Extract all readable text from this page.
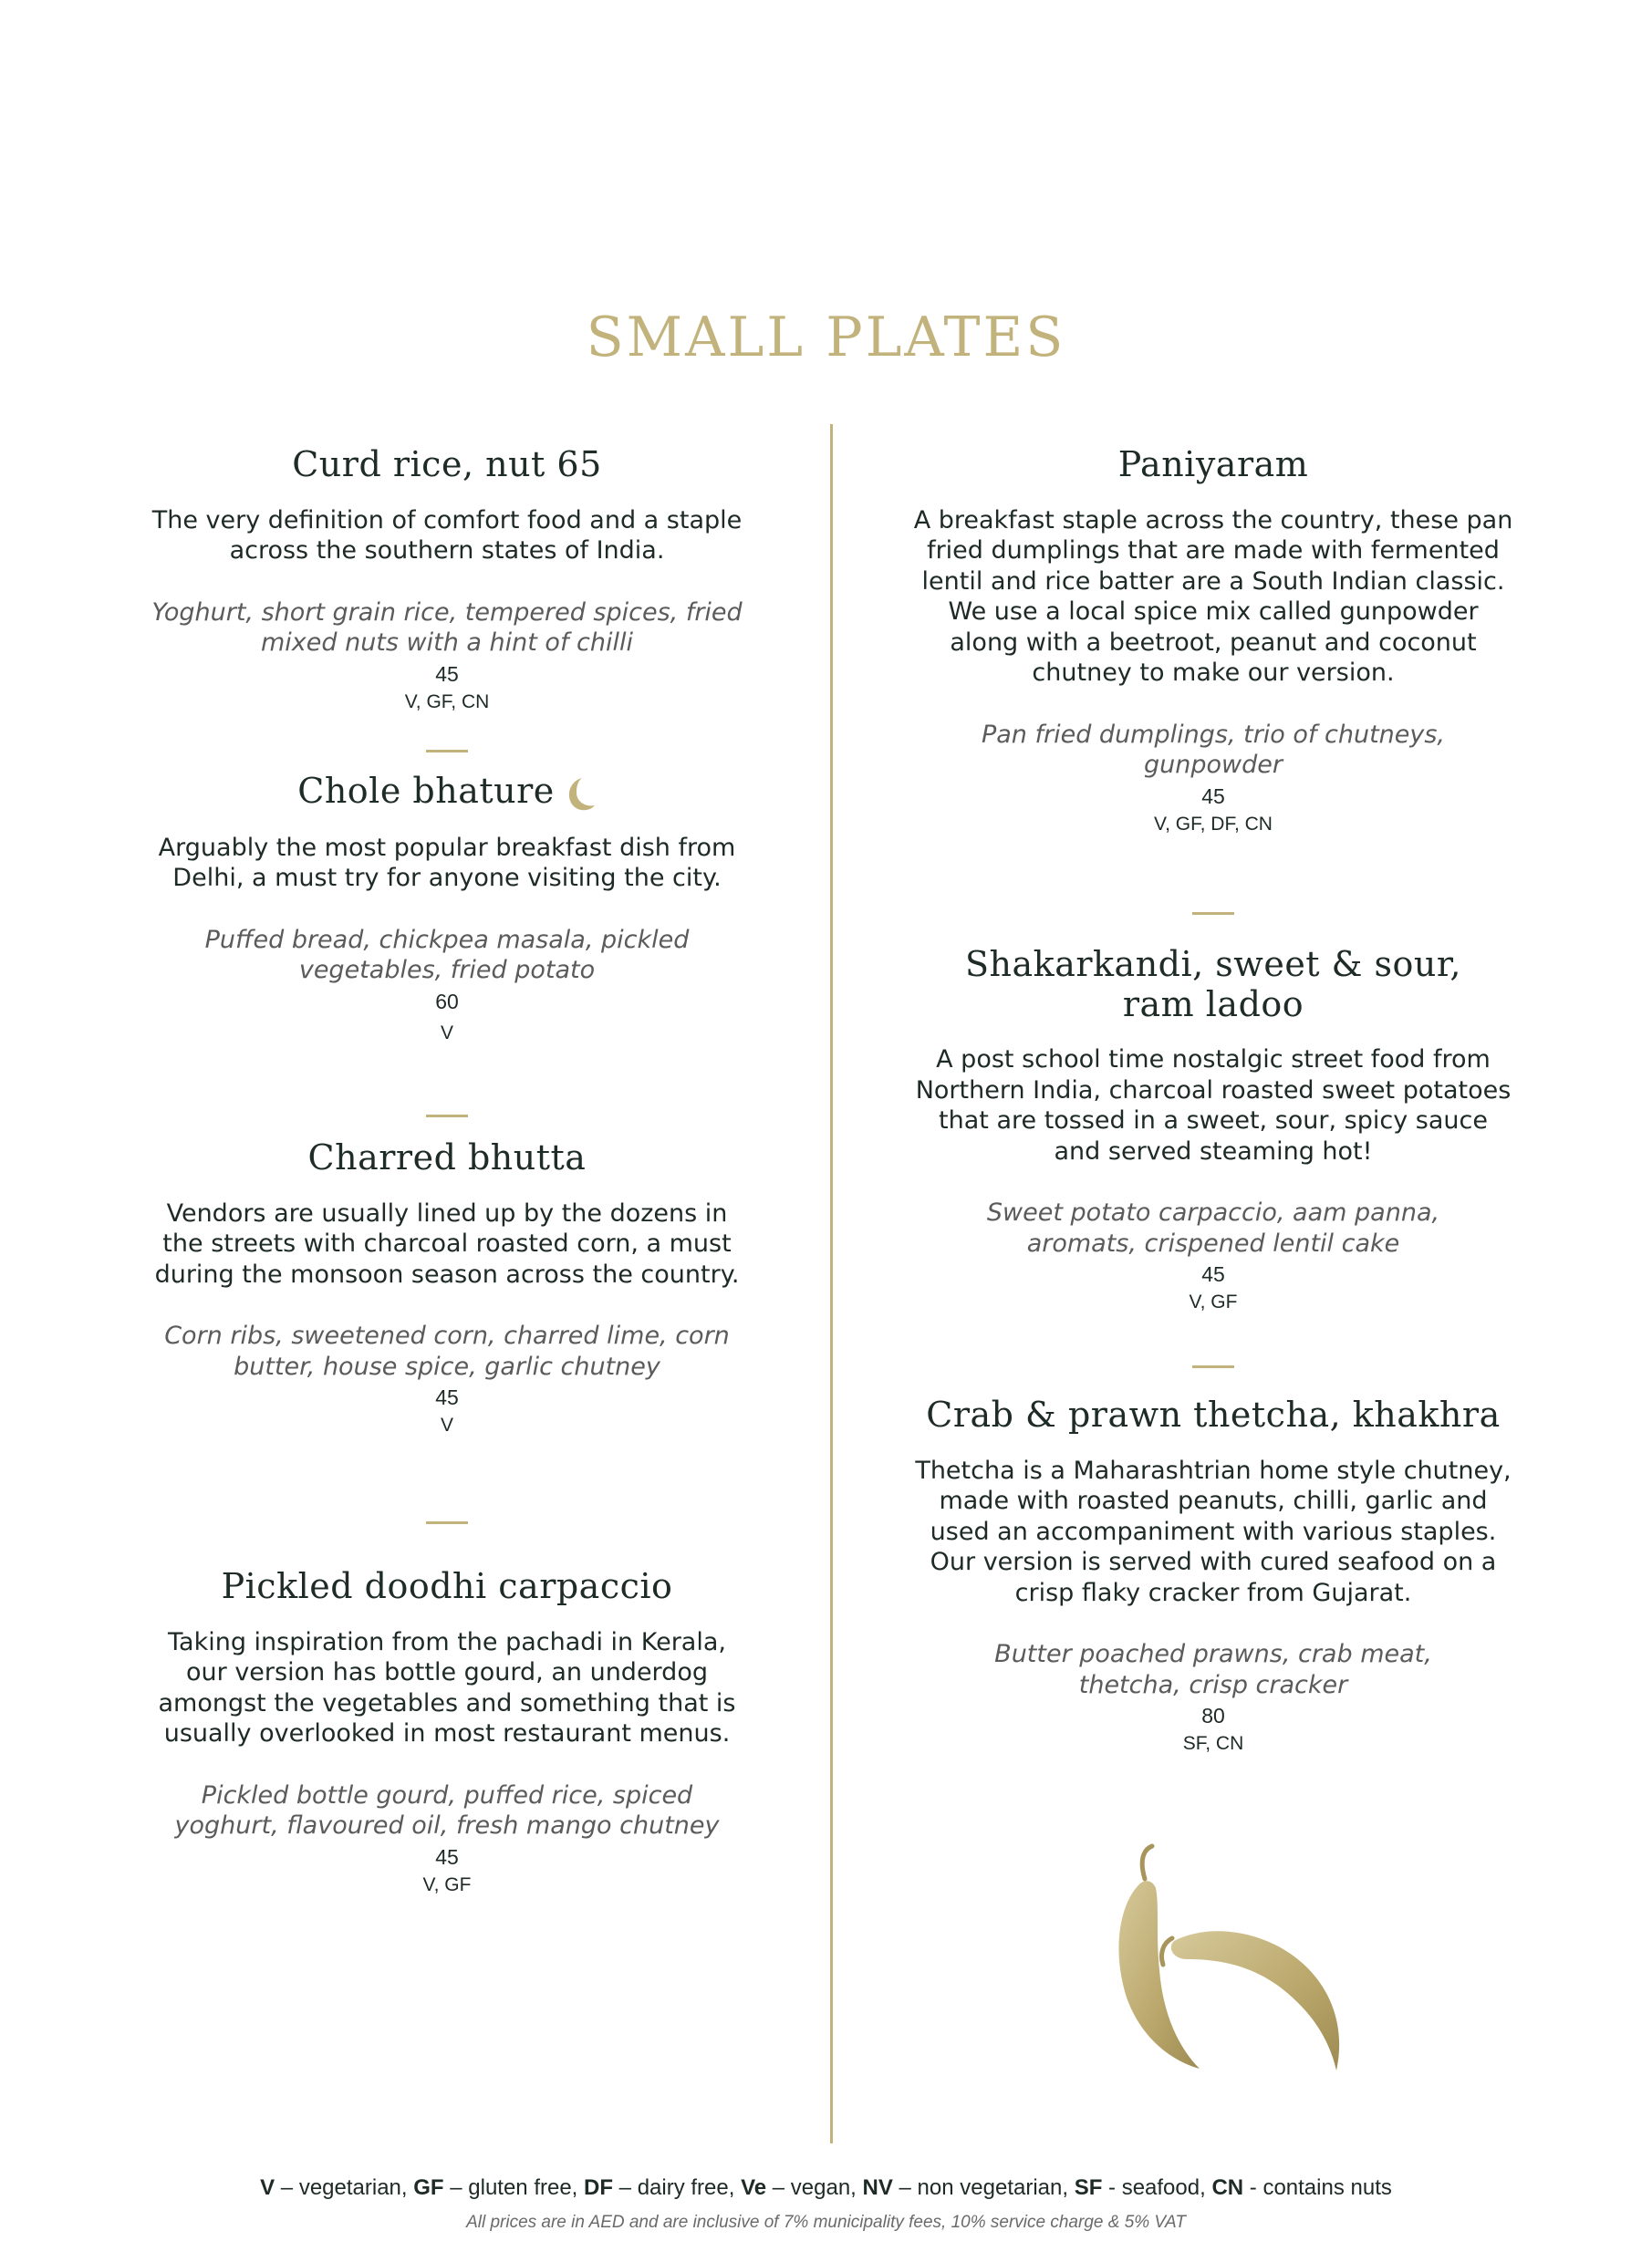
SMALL PLATES
Curd rice, nut 65
The very definition of comfort food and a staple across the southern states of India.
Yoghurt, short grain rice, tempered spices, fried mixed nuts with a hint of chilli
45
V, GF, CN
Chole bhature
Arguably the most popular breakfast dish from Delhi, a must try for anyone visiting the city.
Puffed bread, chickpea masala, pickled vegetables, fried potato
60
V
Charred bhutta
Vendors are usually lined up by the dozens in the streets with charcoal roasted corn, a must during the monsoon season across the country.
Corn ribs, sweetened corn, charred lime, corn butter, house spice, garlic chutney
45
V
Pickled doodhi carpaccio
Taking inspiration from the pachadi in Kerala, our version has bottle gourd, an underdog amongst the vegetables and something that is usually overlooked in most restaurant menus.
Pickled bottle gourd, puffed rice, spiced yoghurt, flavoured oil, fresh mango chutney
45
V, GF
Paniyaram
A breakfast staple across the country, these pan fried dumplings that are made with fermented lentil and rice batter are a South Indian classic. We use a local spice mix called gunpowder along with a beetroot, peanut and coconut chutney to make our version.
Pan fried dumplings, trio of chutneys, gunpowder
45
V, GF, DF, CN
Shakarkandi, sweet & sour, ram ladoo
A post school time nostalgic street food from Northern India, charcoal roasted sweet potatoes that are tossed in a sweet, sour, spicy sauce and served steaming hot!
Sweet potato carpaccio, aam panna, aromats, crispened lentil cake
45
V, GF
Crab & prawn thetcha, khakhra
Thetcha is a Maharashtrian home style chutney, made with roasted peanuts, chilli, garlic and used an accompaniment with various staples. Our version is served with cured seafood on a crisp flaky cracker from Gujarat.
Butter poached prawns, crab meat, thetcha, crisp cracker
80
SF, CN
V – vegetarian, GF – gluten free, DF – dairy free, Ve – vegan, NV – non vegetarian, SF - seafood, CN - contains nuts
All prices are in AED and are inclusive of 7% municipality fees, 10% service charge & 5% VAT
